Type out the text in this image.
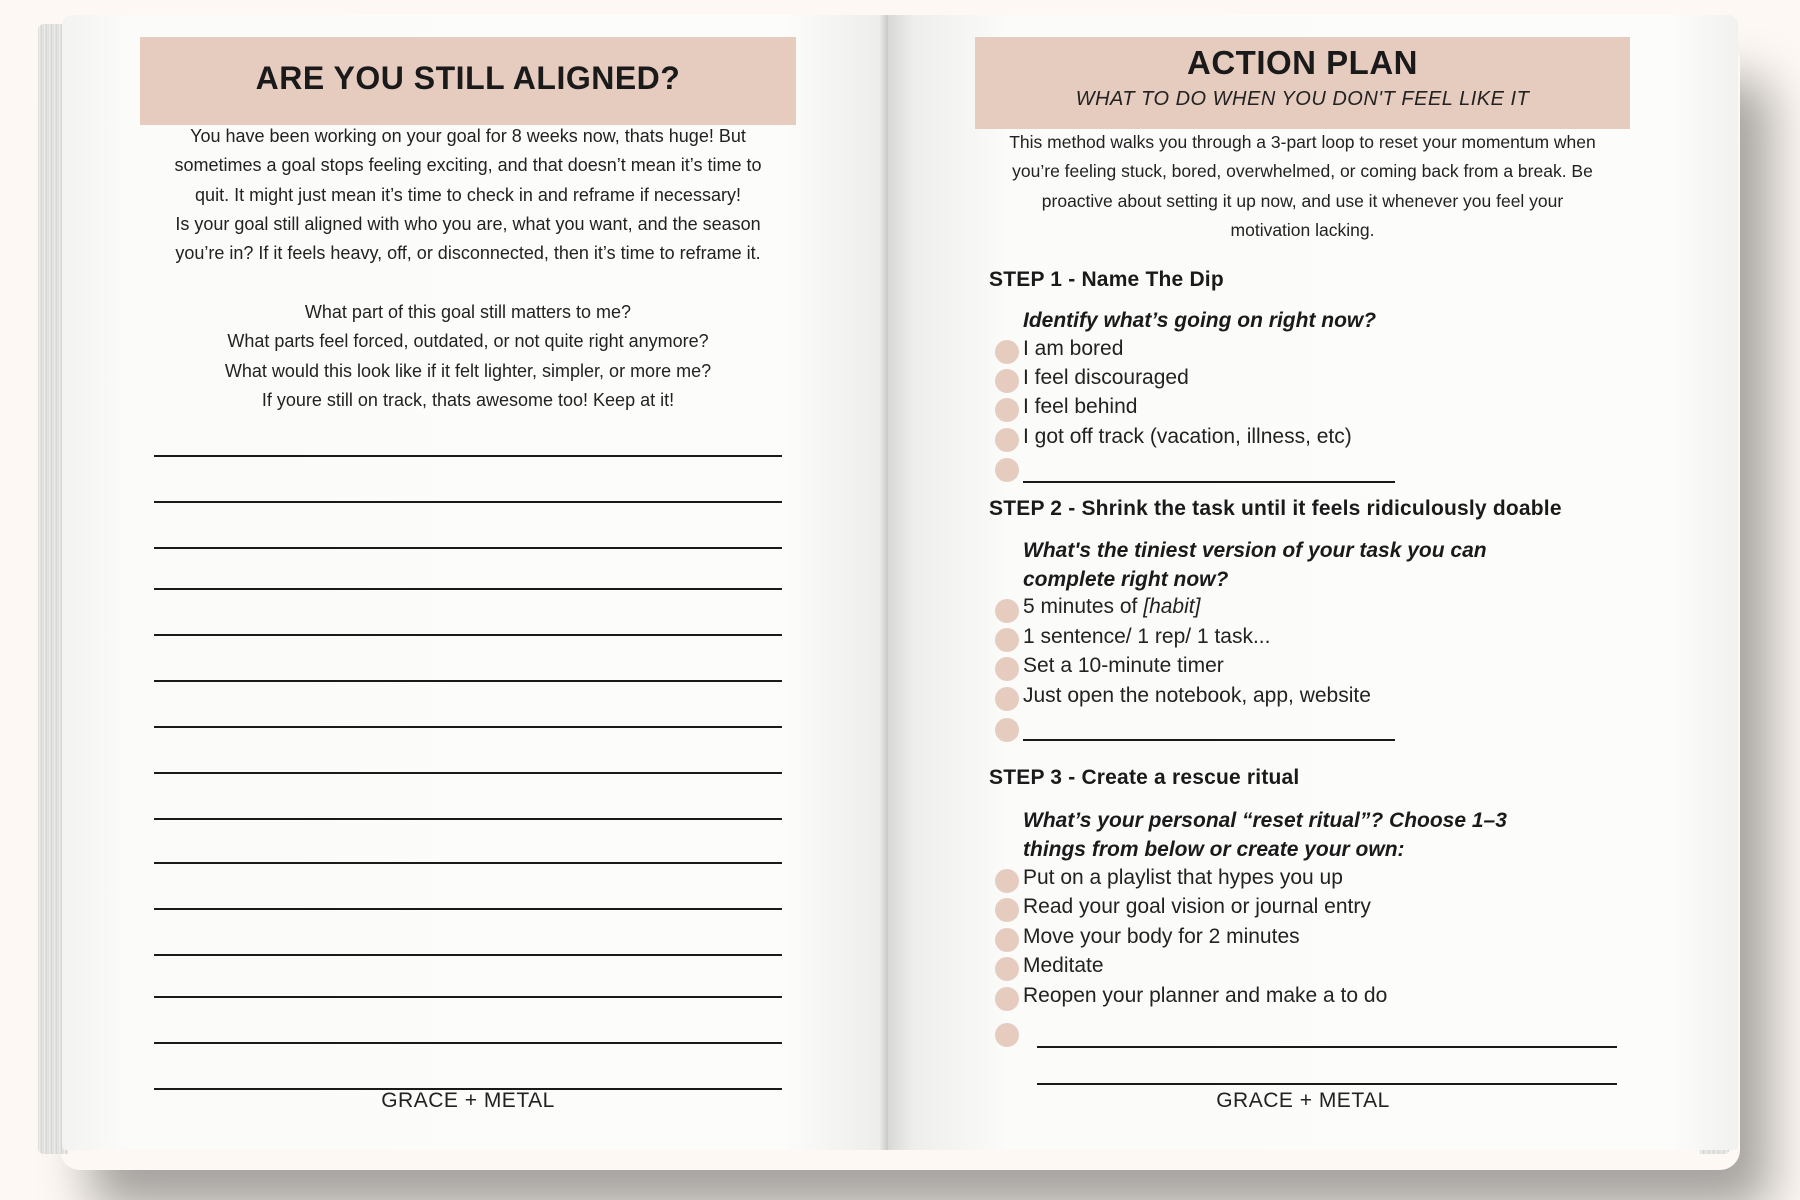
ARE YOU STILL ALIGNED?

You have been working on your goal for 8 weeks now, thats huge! But

sometimes a goal stops feeling exciting, and that doesn’t mean it’s time to

quit. It might just mean it’s time to check in and reframe if necessary!

Is your goal still aligned with who you are, what you want, and the season

you’re in? If it feels heavy, off, or disconnected, then it’s time to reframe it.

What part of this goal still matters to me?

What parts feel forced, outdated, or not quite right anymore?

What would this look like if it felt lighter, simpler, or more me?

If youre still on track, thats awesome too! Keep at it!

GRACE + METAL
ACTION PLAN
WHAT TO DO WHEN YOU DON'T FEEL LIKE IT
This method walks you through a 3-part loop to reset your momentum when
you’re feeling stuck, bored, overwhelmed, or coming back from a break. Be
proactive about setting it up now, and use it whenever you feel your
motivation lacking.
STEP 1 - Name The Dip
Identify what’s going on right now?
I am bored
I feel discouraged
I feel behind
I got off track (vacation, illness, etc)
STEP 2 - Shrink the task until it feels ridiculously doable
What's the tiniest version of your task you can
complete right now?
5 minutes of [habit]
1 sentence/ 1 rep/ 1 task...
Set a 10-minute timer
Just open the notebook, app, website
STEP 3 - Create a rescue ritual
What’s your personal “reset ritual”? Choose 1–3
things from below or create your own:
Put on a playlist that hypes you up
Read your goal vision or journal entry
Move your body for 2 minutes
Meditate
Reopen your planner and make a to do
GRACE + METAL
